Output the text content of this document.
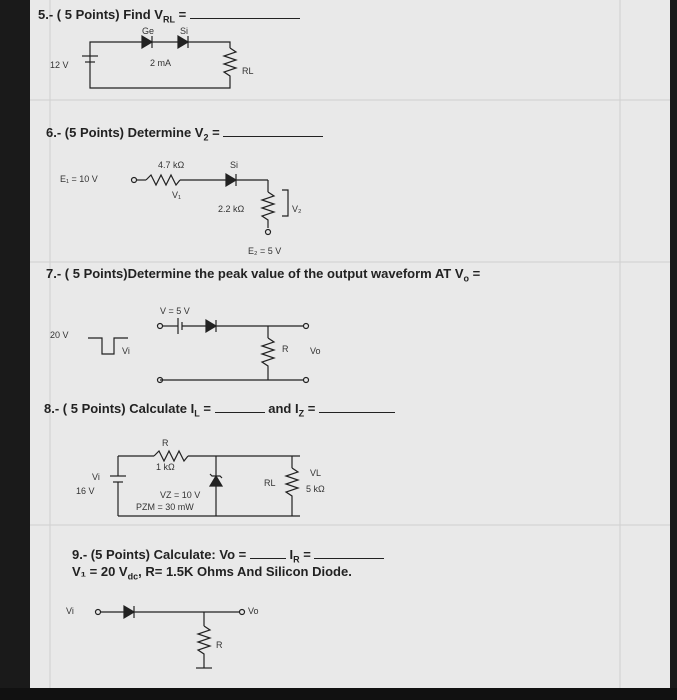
5.- ( 5 Points) Find $V_{RL}$ =
Ge	Si
12 V	2 mA
RL
6.- (5 Points) Determine $V_2$ =
4.7 kΩ	Si
E₁ = 10 V
V₁
2.2 kΩ	V₂
E₂ = 5 V
7.- ( 5 Points)Determine the peak value of the output waveform AT $V_o$ =
V = 5 V
20 V
Vi	R Vo
8.- ( 5 Points) Calculate $I_L$ =	and $I_Z$ =
R
1 kΩ
Vi
16 V	VZ = 10 V
PZM = 30 mW
RL
VL
5 kΩ
9.- (5 Points) Calculate: Vo =	$I_R$ =
V₁ = 20 $V_{dc}$, R= 1.5K Ohms And Silicon Diode.
Vi	Vo
R
